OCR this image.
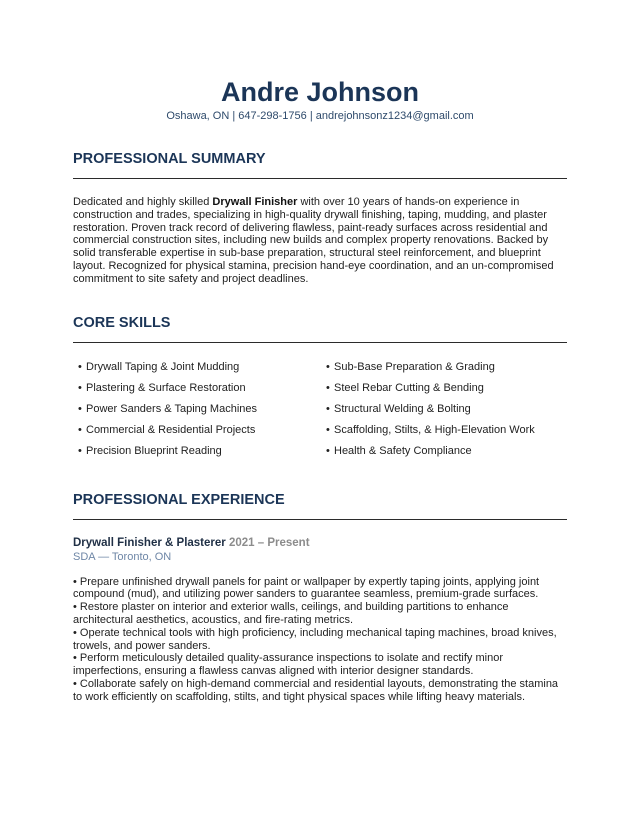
Andre Johnson
Oshawa, ON | 647-298-1756 | andrejohnsonz1234@gmail.com
PROFESSIONAL SUMMARY

Dedicated and highly skilled Drywall Finisher with over 10 years of hands-on experience in construction and trades, specializing in high-quality drywall finishing, taping, mudding, and plaster restoration. Proven track record of delivering flawless, paint-ready surfaces across residential and commercial construction sites, including new builds and complex property renovations. Backed by solid transferable expertise in sub-base preparation, structural steel reinforcement, and blueprint layout. Recognized for physical stamina, precision hand-eye coordination, and an un-compromised commitment to site safety and project deadlines.

CORE SKILLS
• Drywall Taping & Joint Mudding	• Sub-Base Preparation & Grading
• Plastering & Surface Restoration	• Steel Rebar Cutting & Bending
• Power Sanders & Taping Machines	• Structural Welding & Bolting
• Commercial & Residential Projects	• Scaffolding, Stilts, & High-Elevation Work
• Precision Blueprint Reading	• Health & Safety Compliance
PROFESSIONAL EXPERIENCE
Drywall Finisher & Plasterer 2021 – Present
SDA — Toronto, ON
• Prepare unfinished drywall panels for paint or wallpaper by expertly taping joints, applying joint compound (mud), and utilizing power sanders to guarantee seamless, premium-grade surfaces.
• Restore plaster on interior and exterior walls, ceilings, and building partitions to enhance architectural aesthetics, acoustics, and fire-rating metrics.
• Operate technical tools with high proficiency, including mechanical taping machines, broad knives, trowels, and power sanders.
• Perform meticulously detailed quality-assurance inspections to isolate and rectify minor imperfections, ensuring a flawless canvas aligned with interior designer standards.
• Collaborate safely on high-demand commercial and residential layouts, demonstrating the stamina to work efficiently on scaffolding, stilts, and tight physical spaces while lifting heavy materials.
